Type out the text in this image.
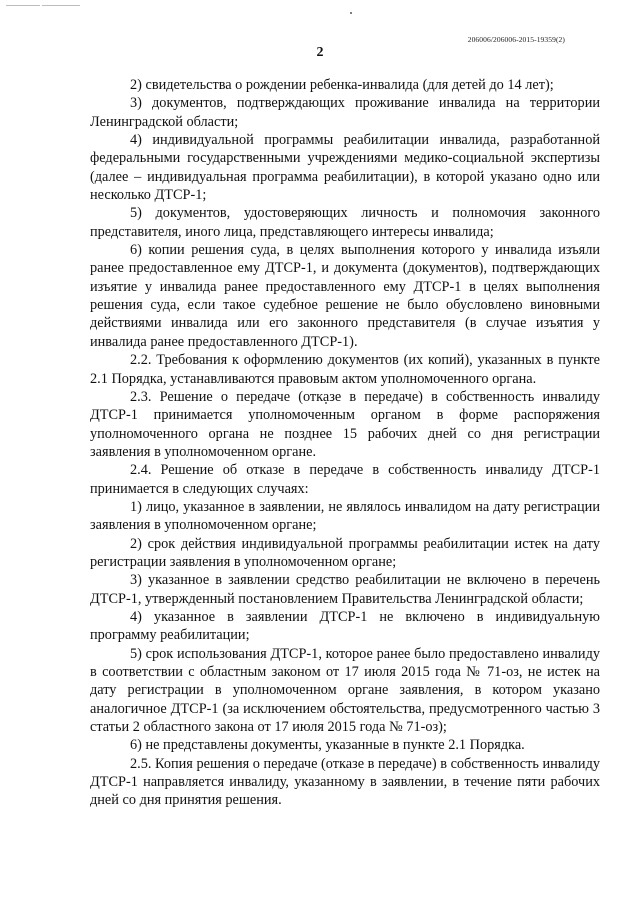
206006/206006-2015-19359(2)
2

2) свидетельства о рождении ребенка-инвалида (для детей до 14 лет);

3) документов, подтверждающих проживание инвалида на территории Ленинградской области;

4) индивидуальной программы реабилитации инвалида, разработанной федеральными государственными учреждениями медико-социальной экспертизы (далее – индивидуальная программа реабилитации), в которой указано одно или несколько ДТСР-1;

5) документов, удостоверяющих личность и полномочия законного представителя, иного лица, представляющего интересы инвалида;

6) копии решения суда, в целях выполнения которого у инвалида изъяли ранее предоставленное ему ДТСР-1, и документа (документов), подтверждающих изъятие у инвалида ранее предоставленного ему ДТСР-1 в целях выполнения решения суда, если такое судебное решение не было обусловлено виновными действиями инвалида или его законного представителя (в случае изъятия у инвалида ранее предоставленного ДТСР-1).

2.2. Требования к оформлению документов (их копий), указанных в пункте 2.1 Порядка, устанавливаются правовым актом уполномоченного органа.

2.3. Решение о передаче (отказе в передаче) в собственность инвалиду ДТСР-1 принимается уполномоченным органом в форме распоряжения уполномоченного органа не позднее 15 рабочих дней со дня регистрации заявления в уполномоченном органе.

2.4. Решение об отказе в передаче в собственность инвалиду ДТСР-1 принимается в следующих случаях:

1) лицо, указанное в заявлении, не являлось инвалидом на дату регистрации заявления в уполномоченном органе;

2) срок действия индивидуальной программы реабилитации истек на дату регистрации заявления в уполномоченном органе;

3) указанное в заявлении средство реабилитации не включено в перечень ДТСР-1, утвержденный постановлением Правительства Ленинградской области;

4) указанное в заявлении ДТСР-1 не включено в индивидуальную программу реабилитации;

5) срок использования ДТСР-1, которое ранее было предоставлено инвалиду в соответствии с областным законом от 17 июля 2015 года № 71-оз, не истек на дату регистрации в уполномоченном органе заявления, в котором указано аналогичное ДТСР-1 (за исключением обстоятельства, предусмотренного частью 3 статьи 2 областного закона от 17 июля 2015 года № 71-оз);

6) не представлены документы, указанные в пункте 2.1 Порядка.

2.5. Копия решения о передаче (отказе в передаче) в собственность инвалиду ДТСР-1 направляется инвалиду, указанному в заявлении, в течение пяти рабочих дней со дня принятия решения.
